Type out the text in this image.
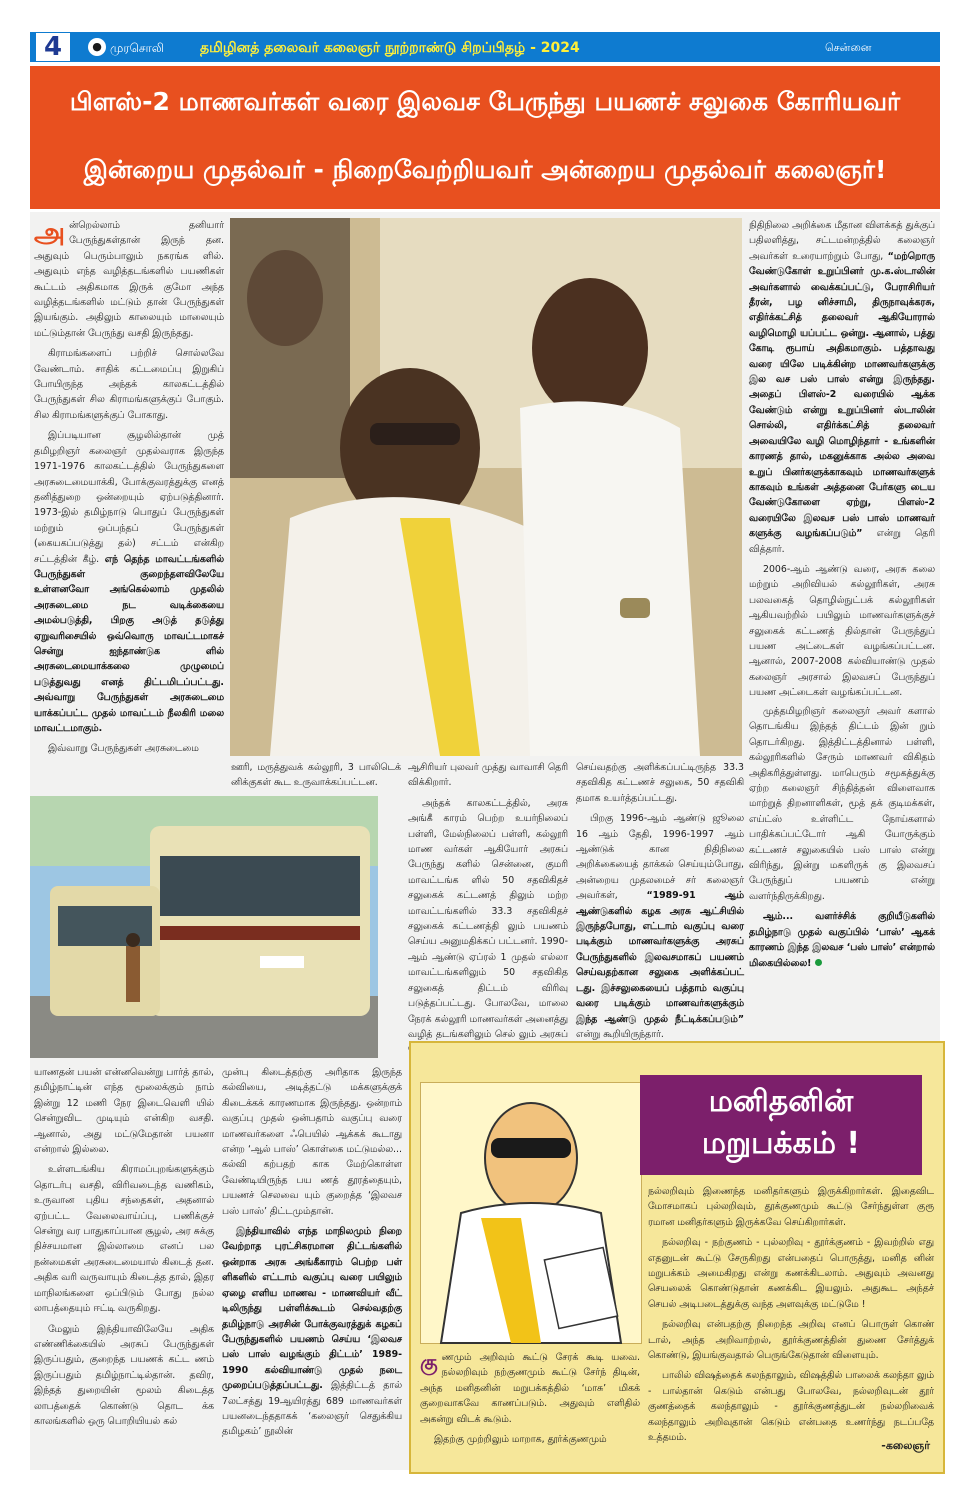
4	● முரசொலி	தமிழினத் தலைவர் கலைஞர் நூற்றாண்டு சிறப்பிதழ் - 2024	சென்னை
பிளஸ்-2 மாணவர்கள் வரை இலவச பேருந்து பயணச் சலுகை கோரியவர்
இன்றைய முதல்வர் - நிறைவேற்றியவர் அன்றைய முதல்வர் கலைஞர்!

அன்றெல்லாம் தனியார் பேருந்துகள்தான் இருந் தன. அதுவும் பெரும்பாலும் நகரங்க ளில். அதுவும் எந்த வழித்தடங்களில் பயணிகள் கூட்டம் அதிகமாக இருக் குமோ அந்த வழித்தடங்களில் மட்டும் தான் பேருந்துகள் இயங்கும். அதிலும் காலையும் மாலையும் மட்டும்தான் பேருந்து வசதி இருந்தது.

கிராமங்களைப் பற்றிச் சொல்லவே வேண்டாம். சாதிக் கட்டமைப்பு இறுகிப் போயிருந்த அந்தக் காலகட்டத்தில் பேருந்துகள் சில கிராமங்களுக்குப் போகும். சில கிராமங்களுக்குப் போகாது.

இப்படியான சூழலில்தான் முத் தமிழறிஞர் கலைஞர் முதல்வராக இருந்த 1971-1976 காலகட்டத்தில் பேருந்துகளை அரசுடைமையாக்கி, போக்குவரத்துக்கு எனத் தனித்துறை ஒன்றையும் ஏற்படுத்தினார். 1973-இல் தமிழ்நாடு பொதுப் பேருந்துகள் மற்றும் ஒப்பந்தப் பேருந்துகள் (கையகப்படுத்து தல்) சட்டம் என்கிற சட்டத்தின் கீழ். எந் தெந்த மாவட்டங்களில் பேருந்துகள் குறைந்தளவிலேயே உள்ளனவோ அங்கெல்லாம் முதலில் அரசுடைமை நட வடிக்கையை அமல்படுத்தி, பிறகு அடுத் தடுத்து ஏறுவரிசையில் ஒவ்வொரு மாவட்டமாகச் சென்று ஐந்தாண்டுக ளில் அரசுடைமையாக்கலை முழுமைப் படுத்துவது எனத் திட்டமிடப்பட்டது. அவ்வாறு பேருந்துகள் அரசுடைமை யாக்கப்பட்ட முதல் மாவட்டம் நீலகிரி மலை மாவட்டமாகும்.

இவ்வாறு பேருந்துகள் அரசுடைமை

நிதிநிலை அறிக்கை மீதான விளக்கத் துக்குப் பதிலளித்து, சட்டமன்றத்தில் கலைஞர் அவர்கள் உரையாற்றும் போது, “மற்றொரு வேண்டுகோள் உறுப்பினர் மு.க.ஸ்டாலின் அவர்களால் வைக்கப்பட்டு, பேராசிரியர் தீரன், பழ னிச்சாமி, திருநாவுக்கரசு, எதிர்க்கட்சித் தலைவர் ஆகியோரால் வழிமொழி யப்பட்ட ஒன்று. ஆனால், பத்து கோடி ரூபாய் அதிகமாகும். பத்தாவது வரை யிலே படிக்கின்ற மாணவர்களுக்கு இல வச பஸ் பாஸ் என்று இருந்தது. அதைப் பிளஸ்-2 வரையில் ஆக்க வேண்டும் என்று உறுப்பினர் ஸ்டாலின் சொல்லி, எதிர்க்கட்சித் தலைவர் அவையிலே வழி மொழிந்தார் - உங்களின் காரணத் தால், மகனுக்காக அல்ல அவை உறுப் பினர்களுக்காகவும் மாணவர்களுக் காகவும் உங்கள் அத்தனை பேர்களு டைய வேண்டுகோளை ஏற்று, பிளஸ்-2 வரையிலே இலவச பஸ் பாஸ் மாணவர் களுக்கு வழங்கப்படும்” என்று தெரி வித்தார்.

2006-ஆம் ஆண்டு வரை, அரசு கலை மற்றும் அறிவியல் கல்லூரிகள், அரசு பலவகைத் தொழில்நுட்பக் கல்லூரிகள் ஆகியவற்றில் பயிலும் மாணவர்களுக்குச் சலுகைக் கட்டணத் தில்தான் பேருந்துப் பயண அட்டைகள் வழங்கப்பட்டன. ஆனால், 2007-2008 கல்வியாண்டு முதல் கலைஞர் அரசால் இலவசப் பேருந்துப் பயண அட்டைகள் வழங்கப்பட்டன.

முத்தமிழறிஞர் கலைஞர் அவர் களால் தொடங்கிய இந்தத் திட்டம் இன் றும் தொடர்கிறது. இத்திட்டத்தினால் பள்ளி, கல்லூரிகளில் சேரும் மாணவர் விகிதம் அதிகரித்துள்ளது. மாபெரும் சமூகத்துக்கு ஏற்ற கலைஞர் சிந்தித்தன் விளைவாக மாற்றுத் திறனாளிகள், மூத் தக் குடிமக்கள், எய்ட்ஸ் உள்ளிட்ட நோய்களால் பாதிக்கப்பட்டோர் ஆகி யோருக்கும் கட்டணச் சலுகையில் பஸ் பாஸ் என்று விரிந்து, இன்று மகளிருக் கு இலவசப் பேருந்துப் பயணம் என்று வளர்ந்திருக்கிறது.

ஆம்... வளர்ச்சிக் குறியீடுகளில் தமிழ்நாடு முதல் வகுப்பில் ‘பாஸ்’ ஆகக் காரணம் இந்த இலவச ‘பஸ் பாஸ்’ என்றால் மிகையில்லை!

ஊரி, மருத்துவக் கல்லூரி, 3 பாலிடெக் னிக்குகள் கூட உருவாக்கப்பட்டன.

ஆசிரியர் புலவர் முத்து வாவாசி தெரி விக்கிறார்.

அந்தக் காலகட்டத்தில், அரசு அங்கீ காரம் பெற்ற உயர்நிலைப் பள்ளி, மேல்நிலைப் பள்ளி, கல்லூரி மாண வர்கள் ஆகியோர் அரசுப் பேருந்து களில் சென்னை, குமரி மாவட்டங்க ளில் 50 சதவிகிதச் சலுகைக் கட்டணத் திலும் மற்ற மாவட்டங்களில் 33.3 சதவிகிதச் சலுகைக் கட்டணத்தி லும் பயணம் செய்ய அனுமதிக்கப் பட்டனர். 1990-ஆம் ஆண்டு ஏப்ரல் 1 முதல் எல்லா மாவட்டங்களிலும் 50 சதவிகித சலுகைத் திட்டம் விரிவு படுத்தப்பட்டது. போலவே, மாலை நேரக் கல்லூரி மாணவர்கள் அனைத்து வழித் தடங்களிலும் செல் லும் அரசுப்

செய்வதற்கு அளிக்கப்பட்டிருந்த 33.3 சதவிகித கட்டணச் சலுகை, 50 சதவிகி தமாக உயர்த்தப்பட்டது.

பிறகு 1996-ஆம் ஆண்டு ஜூலை 16 ஆம் தேதி, 1996-1997 ஆம் ஆண்டுக் கான நிதிநிலை அறிக்கையைத் தாக்கல் செய்யும்போது, அன்றைய முதலமைச் சர் கலைஞர் அவர்கள்,	“1989-91 ஆம் ஆண்டுகளில் கழக அரசு ஆட்சியில் இருந்தபோது, எட்டாம் வகுப்பு வரை படிக்கும் மாணவர்களுக்கு அரசுப் பேருந்துகளில் இலவசமாகப் பயணம் செய்வதற்கான சலுகை அளிக்கப்பட் டது. இச்சலுகையைப் பத்தாம் வகுப்பு வரை படிக்கும் மாணவர்களுக்கும் இந்த ஆண்டு முதல் நீட்டிக்கப்படும்” என்று கூறியிருந்தார்.

யாணதன் பயன் என்னவென்று பார்த் தால், தமிழ்நாட்டின் எந்த மூலைக்கும் நாம் இன்று 12 மணி நேர இடைவெளி யில் சென்றுவிட முடியும் என்கிற வசதி. ஆனால், அது மட்டுமேதான் பயனா என்றால் இல்லை.

உள்ளடங்கிய கிராமப்புறங்களுக்கும் தொடர்பு வசதி, விரிவடைந்த வணிகம், உருவான புதிய சந்தைகள், அதனால் ஏற்பட்ட வேலைவாய்ப்பு, பணிக்குச் சென்று வர பாதுகாப்பான சூழல், அர சுக்கு நிச்சயமான இல்லாமை எனப் பல நன்மைகள் அரசுடைமையால் கிடைத் தன. அதிக வரி வருவாயும் கிடைத்த தால், இதர மாநிலங்களை ஒப்பிடும் போது நல்ல லாபத்தையும் ஈட்டி வருகிறது.

மேலும் இந்தியாவிலேயே அதிக எண்ணிக்கையில் அரசுப் பேருந்துகள் இருப்பதும், குறைந்த பயணக் கட்ட ணம் இருப்பதும் தமிழ்நாட்டில்தான். தவிர, இந்தத் துறையின் மூலம் கிடைத்த லாபத்தைக் கொண்டு தொட க்க காலங்களில் ஒரு பொறியியல் கல்

முன்பு கிடைத்தற்கு அரிதாக இருந்த கல்வியை, அடித்தட்டு மக்களுக்குக் கிடைக்கக் காரணமாக இருந்தது. ஒன்றாம் வகுப்பு முதல் ஒன்பதாம் வகுப்பு வரை மாணவர்களை ஃபெயில் ஆக்கக் கூடாது என்ற ‘ஆல் பாஸ்’ கொள்கை மட்டுமல்ல... கல்வி கற்பதற் காக மேற்கொள்ள வேண்டியிருந்த பய ணத் தூரத்தையும், பயணச் செலவை யும் குறைத்த ‘இலவச பஸ் பாஸ்’ திட்டமும்தான்.

இந்தியாவில் எந்த மாநிலமும் நிறை வேற்றாத புரட்சிகரமான திட்டங்களில் ஒன்றாக அரசு அங்கீகாரம் பெற்ற பள் ளிகளில் எட்டாம் வகுப்பு வரை பயிலும் ஏழை எளிய மாணவ - மாணவியர் வீட் டிலிருந்து பள்ளிக்கூடம் செல்வதற்கு தமிழ்நாடு அரசின் போக்குவரத்துக் கழகப் பேருந்துகளில் பயணம் செய்ய ‘இலவச பஸ் பாஸ் வழங்கும் திட்டம்’ 1989-1990 கல்வியாண்டு முதல் நடை முறைப்படுத்தப்பட்டது. இத்திட்டத் தால் 7லட்சத்து 19ஆயிரத்து 689 மாணவர்கள் பயனடைந்ததாகக் ‘கலைஞர் செதுக்கிய தமிழகம்’ நூலின்

மனிதனின்
மறுபக்கம் !

நல்லறிவும் இணைந்த மனிதர்களும் இருக்கிறார்கள். இதைவிட மோசமாகப் புல்லறிவும், தூக்குணமும் கூட்டு சேர்ந்துள்ள குரூ ரமான மனிதர்களும் இருக்கவே செய்கிறார்கள்.

நல்லறிவு - நற்குணம் - புல்லறிவு - தூர்க்குணம் - இவற்றில் எது எதனுடன் கூட்டு சேருகிறது என்பதைப் பொருத்து, மனித னின் மறுபக்கம் அமைகிறது என்று கணக்கிடலாம். அதுவும் அவனது செயலைக் கொண்டுதான் கணக்கிட இயலும். அதுகூட அந்தச் செயல் அடிபடைத்துக்கு வந்த அளவுக்கு மட்டுமே !

நல்லறிவு என்பதற்கு நிறைந்த அறிவு எனப் பொருள் கொண் டால், அந்த அறிவாற்றல், தூர்க்குணத்தின் துணை சேர்த்துக் கொண்டு, இயங்குவதால் பெருங்கேடுதான் விளையும்.

பாலில் விஷத்தைக் கலந்தாலும், விஷத்தில் பாலைக் கலந்தா லும் - பால்தான் கெடும் என்பது போலவே, நல்லறிவுடன் தூர் குணத்தைக் கலந்தாலும் - தூர்க்குணத்துடன் நல்லறிவைக் கலந்தாலும் அறிவுதான் கெடும் என்பதை உணர்ந்து நடப்பதே உத்தமம்.

குணமும் அறிவும் கூட்டு சேரக் கூடி யவை. நல்லறிவும் நற்குணமும் கூட்டு சேர்ந் திடின், அந்த மனிதனின் மறுபக்கத்தில் ‘மாசு’ மிகக் குறைவாகவே காணப்படும். அதுவும் எளிதில் அகன்று விடக் கூடும்.

இதற்கு முற்றிலும் மாறாக, தூர்க்குணமும்	-கலைஞர்
